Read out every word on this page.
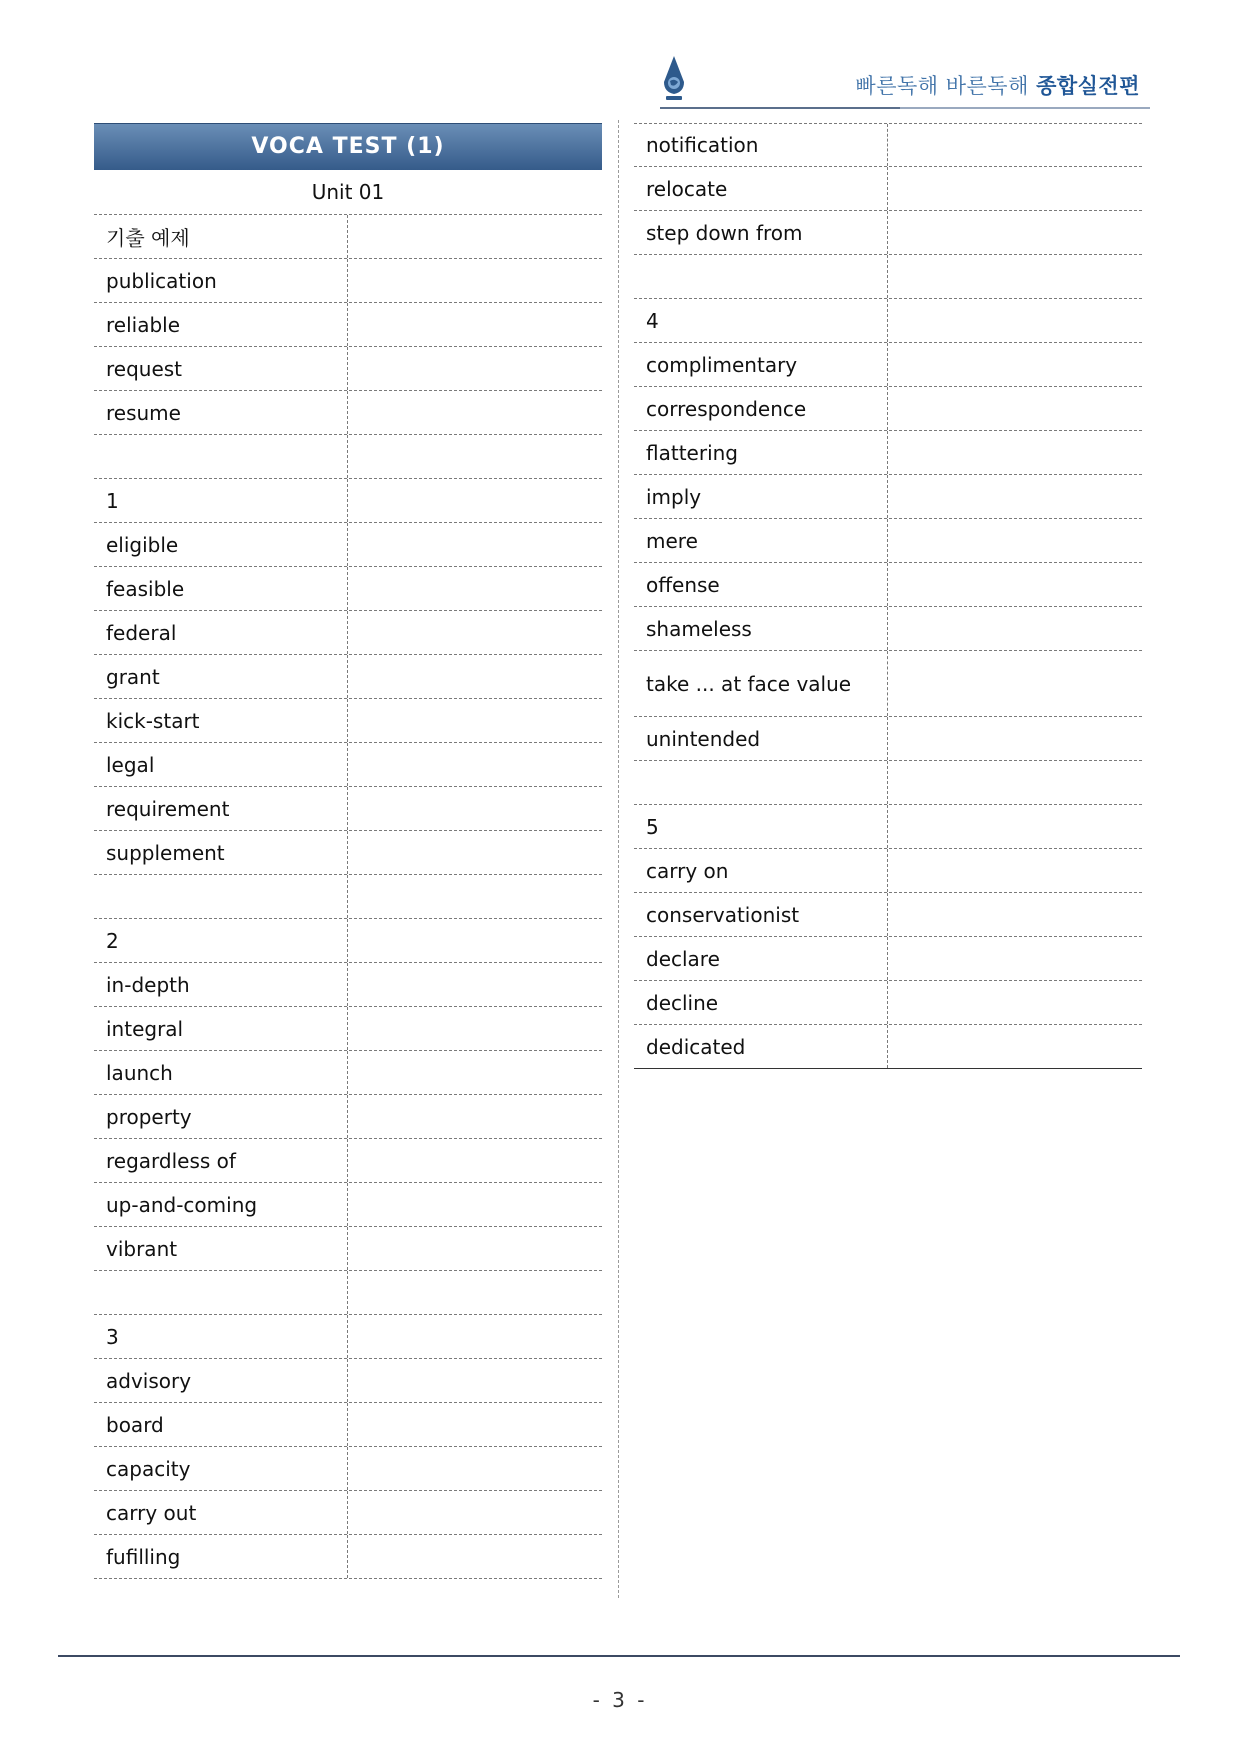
빠른독해 바른독해 종합실전편
VOCA TEST (1)
Unit 01
기출 예제
publication
reliable
request
resume
1
eligible
feasible
federal
grant
kick-start
legal
requirement
supplement
2
in-depth
integral
launch
property
regardless of
up-and-coming
vibrant
3
advisory
board
capacity
carry out
fufilling
notification
relocate
step down from
4
complimentary
correspondence
flattering
imply
mere
offense
shameless
take ... at face value
unintended
5
carry on
conservationist
declare
decline
dedicated
- 3 -
